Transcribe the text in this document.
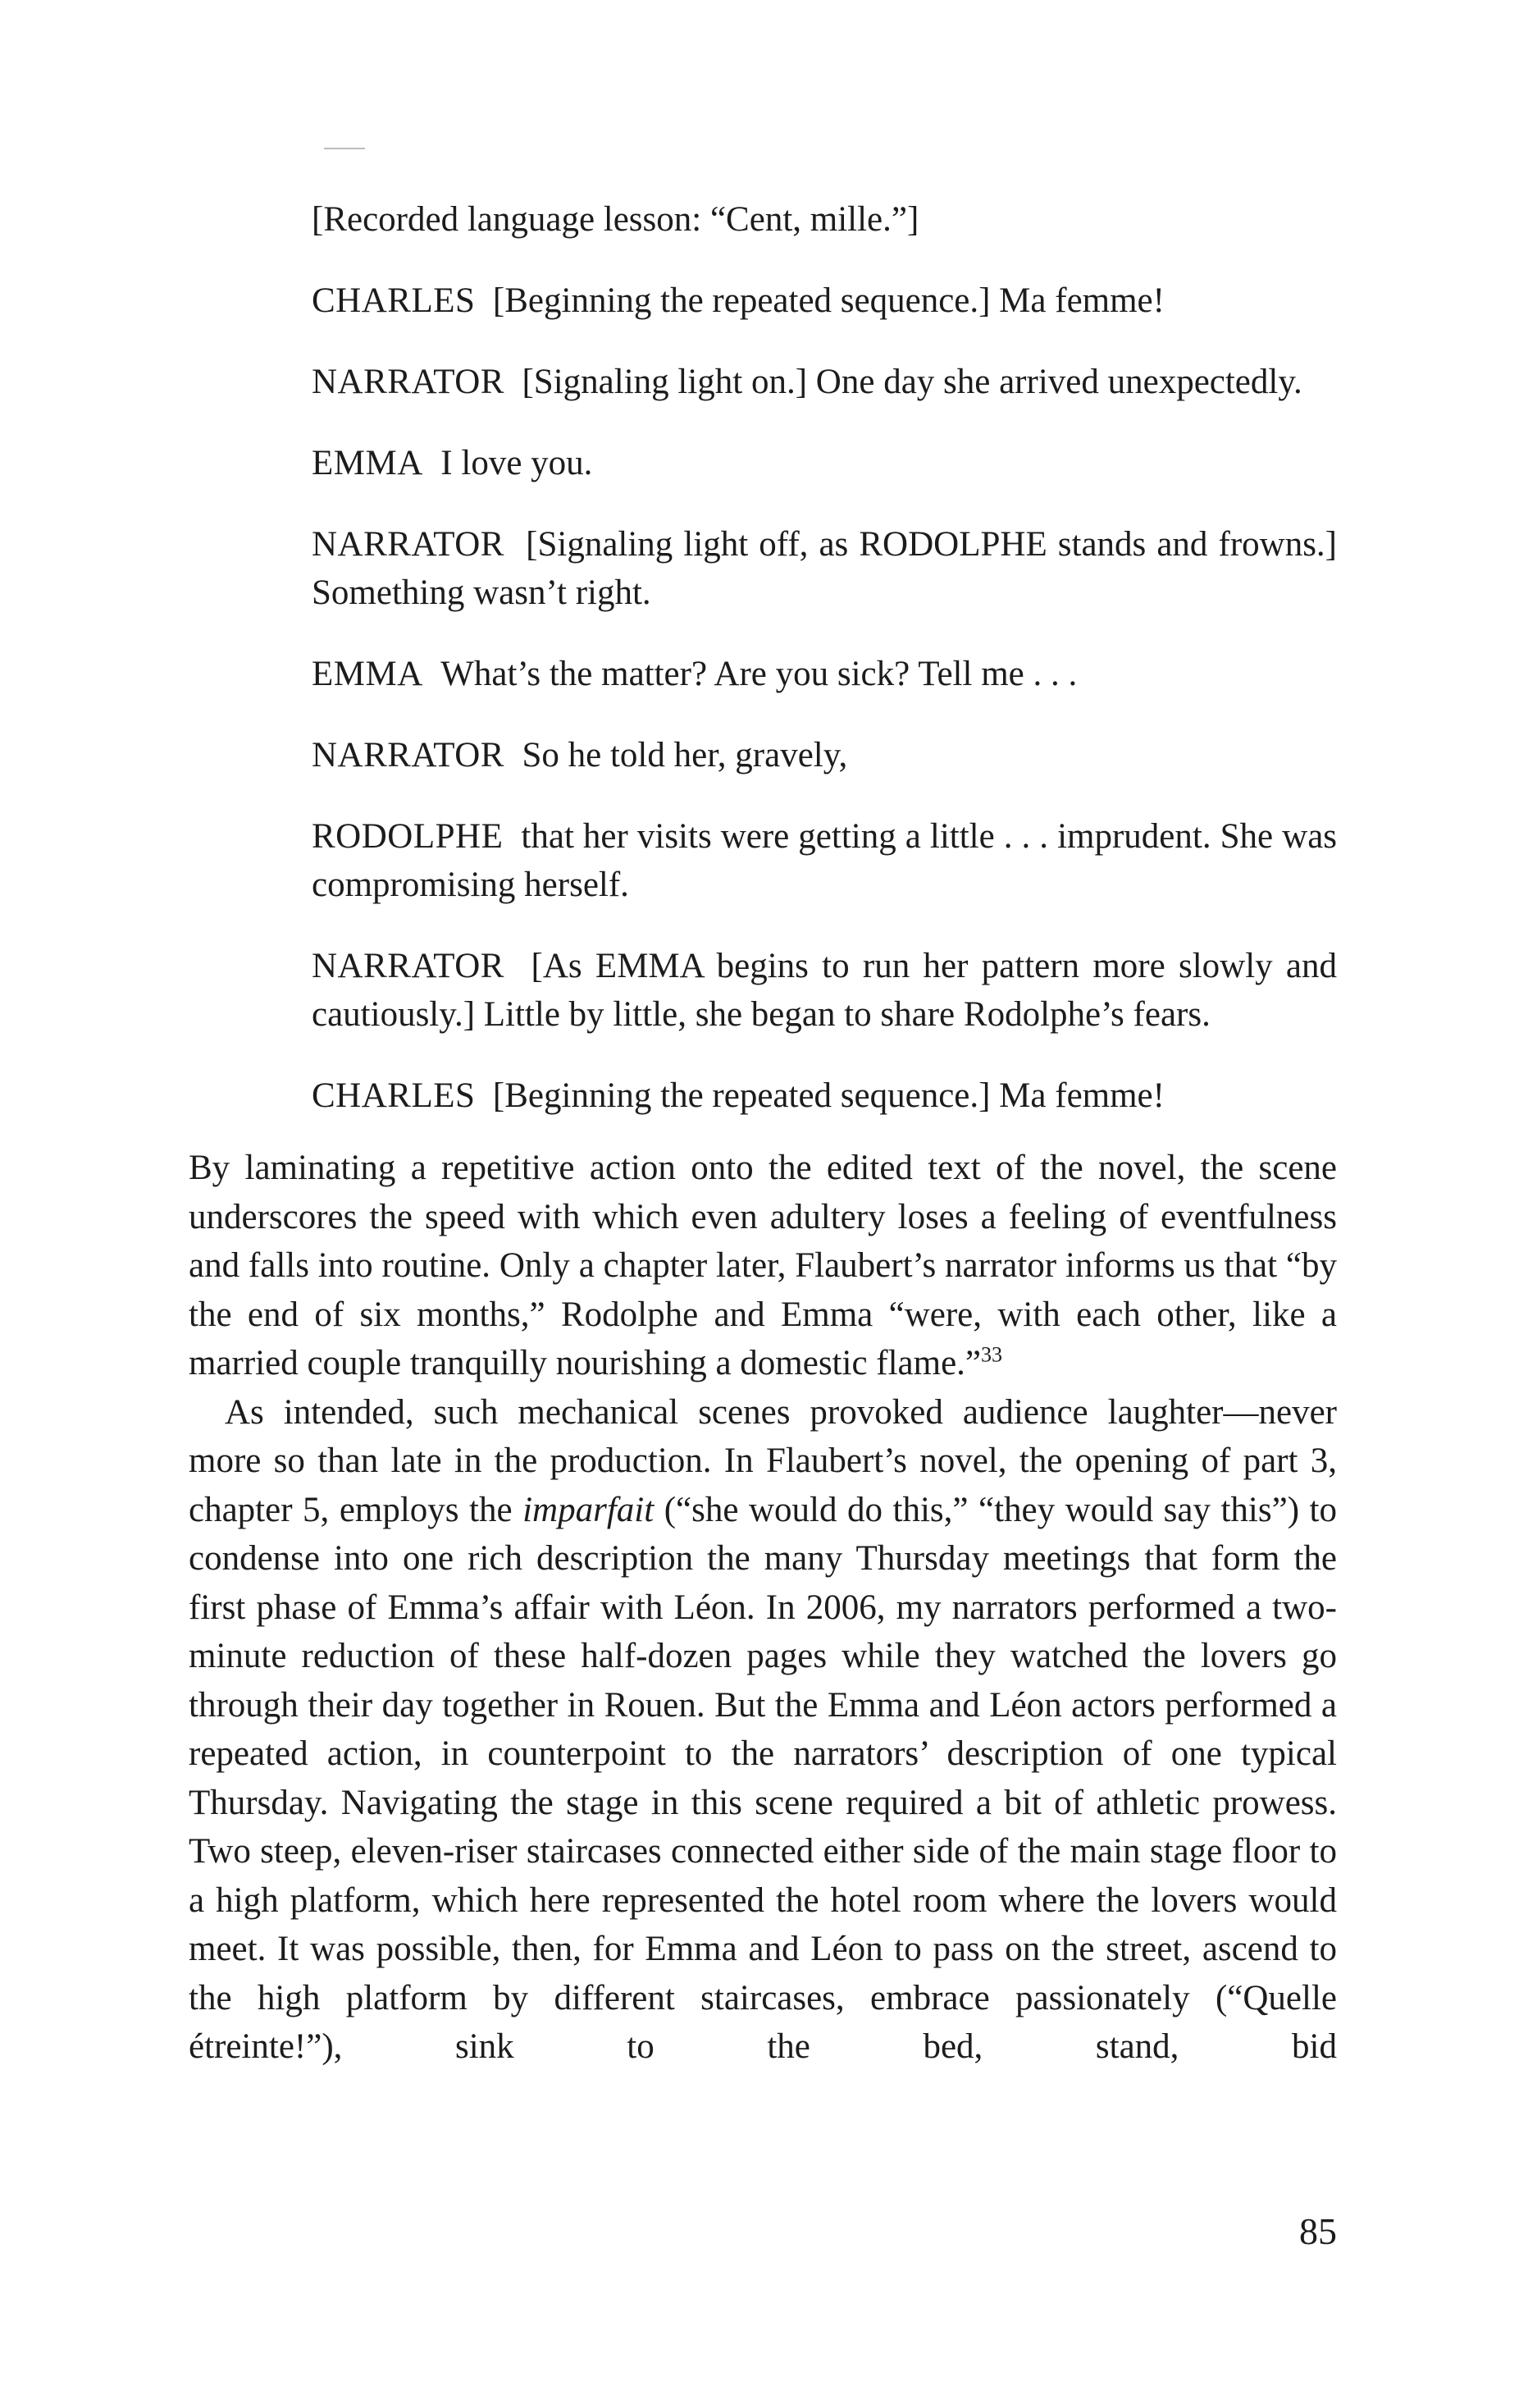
[Recorded language lesson: “Cent, mille.”]

CHARLES [Beginning the repeated sequence.] Ma femme!

NARRATOR [Signaling light on.] One day she arrived unexpectedly.

EMMA I love you.

NARRATOR [Signaling light off, as RODOLPHE stands and frowns.] Something wasn’t right.

EMMA What’s the matter? Are you sick? Tell me . . .

NARRATOR So he told her, gravely,

RODOLPHE that her visits were getting a little . . . imprudent. She was compromising herself.

NARRATOR [As EMMA begins to run her pattern more slowly and cautiously.] Little by little, she began to share Rodolphe’s fears.

CHARLES [Beginning the repeated sequence.] Ma femme!

By laminating a repetitive action onto the edited text of the novel, the scene underscores the speed with which even adultery loses a feeling of eventfulness and falls into routine. Only a chapter later, Flaubert’s narrator informs us that “by the end of six months,” Rodolphe and Emma “were, with each other, like a married couple tranquilly nourishing a domestic flame.”$^{33}$

As intended, such mechanical scenes provoked audience laughter—never more so than late in the production. In Flaubert’s novel, the opening of part 3, chapter 5, employs the imparfait (“she would do this,” “they would say this”) to condense into one rich description the many Thursday meetings that form the first phase of Emma’s affair with Léon. In 2006, my narrators performed a two-minute reduction of these half-dozen pages while they watched the lovers go through their day together in Rouen. But the Emma and Léon actors performed a repeated action, in counterpoint to the narrators’ description of one typical Thursday. Navigating the stage in this scene required a bit of athletic prowess. Two steep, eleven-riser staircases connected either side of the main stage floor to a high platform, which here represented the hotel room where the lovers would meet. It was possible, then, for Emma and Léon to pass on the street, ascend to the high platform by different staircases, embrace passionately (“Quelle étreinte!”), sink to the bed, stand, bid

85
